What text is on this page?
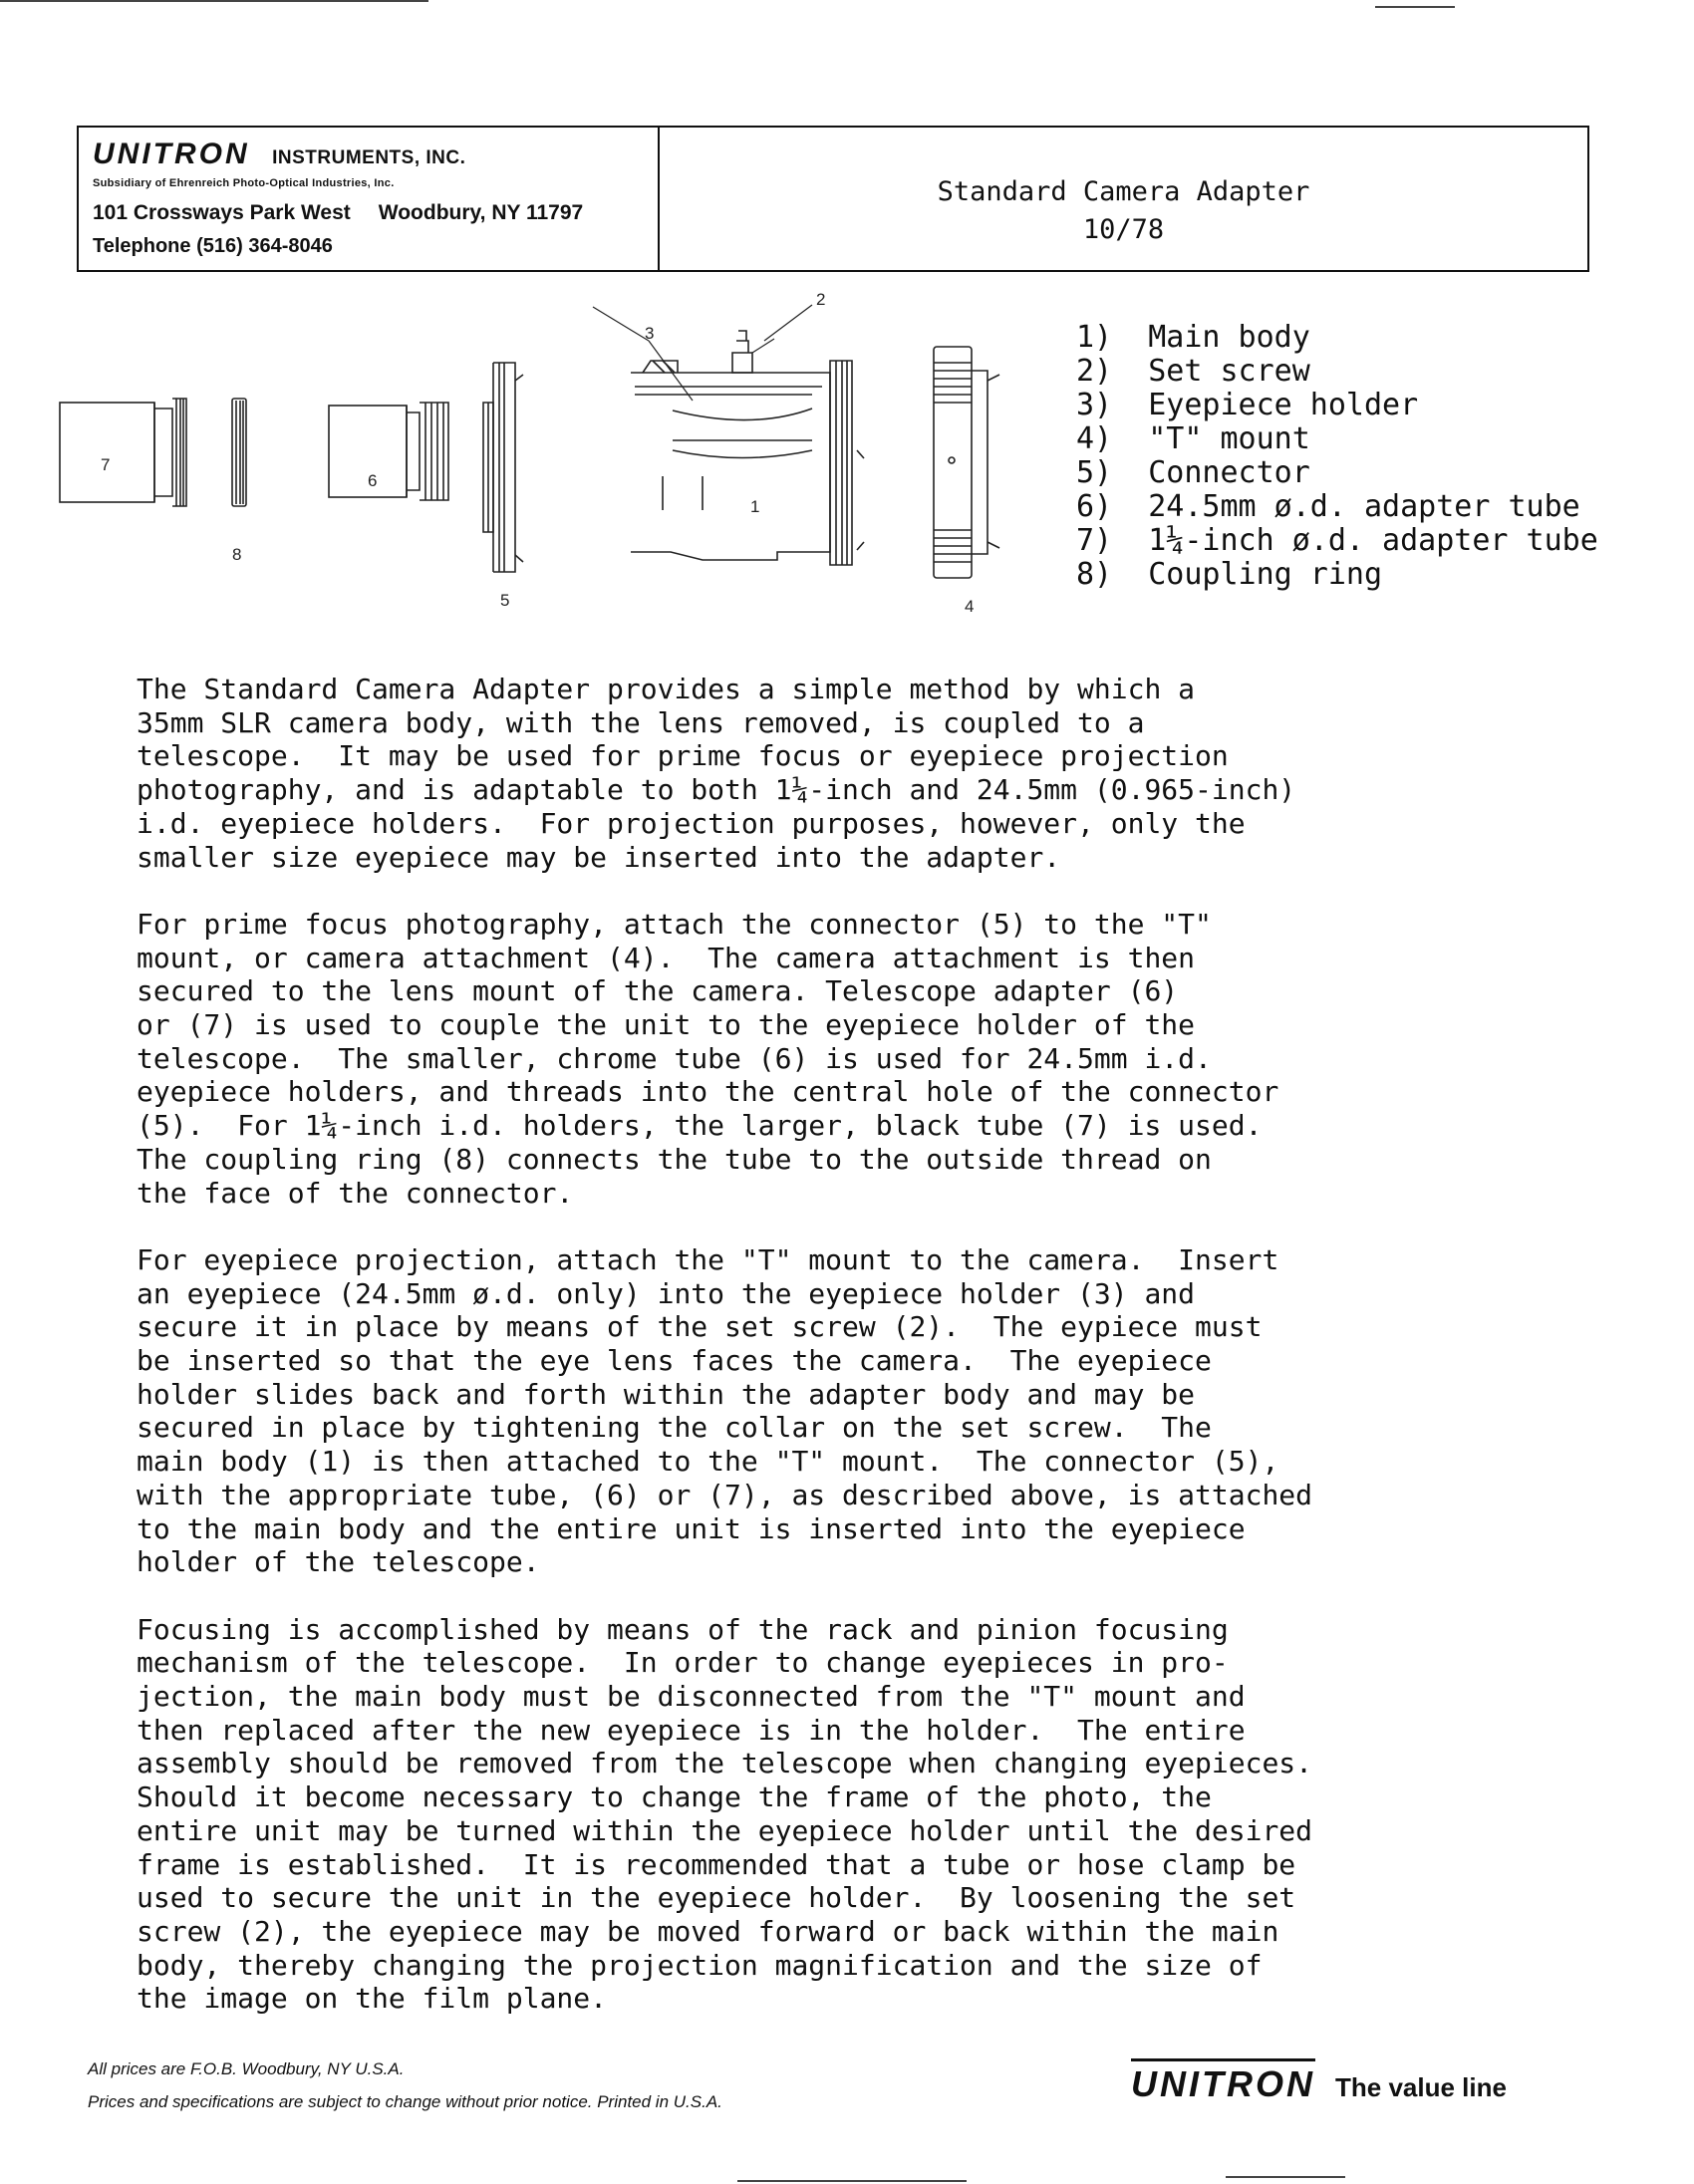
UNITRON INSTRUMENTS, INC.
Subsidiary of Ehrenreich Photo-Optical Industries, Inc.
101 Crossways Park West Woodbury, NY 11797
Telephone (516) 364-8046
Standard Camera Adapter
10/78
7
8
6
5
1
3
2
4
1)  Main body
2)  Set screw
3)  Eyepiece holder
4)  "T" mount
5)  Connector
6)  24.5mm ø.d. adapter tube
7)  1¼-inch ø.d. adapter tube
8)  Coupling ring

The Standard Camera Adapter provides a simple method by which a
35mm SLR camera body, with the lens removed, is coupled to a
telescope.  It may be used for prime focus or eyepiece projection
photography, and is adaptable to both 1¼-inch and 24.5mm (0.965-inch)
i.d. eyepiece holders.  For projection purposes, however, only the
smaller size eyepiece may be inserted into the adapter.

For prime focus photography, attach the connector (5) to the "T"
mount, or camera attachment (4).  The camera attachment is then
secured to the lens mount of the camera. Telescope adapter (6)
or (7) is used to couple the unit to the eyepiece holder of the
telescope.  The smaller, chrome tube (6) is used for 24.5mm i.d.
eyepiece holders, and threads into the central hole of the connector
(5).  For 1¼-inch i.d. holders, the larger, black tube (7) is used.
The coupling ring (8) connects the tube to the outside thread on
the face of the connector.

For eyepiece projection, attach the "T" mount to the camera.  Insert
an eyepiece (24.5mm ø.d. only) into the eyepiece holder (3) and
secure it in place by means of the set screw (2).  The eypiece must
be inserted so that the eye lens faces the camera.  The eyepiece
holder slides back and forth within the adapter body and may be
secured in place by tightening the collar on the set screw.  The
main body (1) is then attached to the "T" mount.  The connector (5),
with the appropriate tube, (6) or (7), as described above, is attached
to the main body and the entire unit is inserted into the eyepiece
holder of the telescope.

Focusing is accomplished by means of the rack and pinion focusing
mechanism of the telescope.  In order to change eyepieces in pro-
jection, the main body must be disconnected from the "T" mount and
then replaced after the new eyepiece is in the holder.  The entire
assembly should be removed from the telescope when changing eyepieces.
Should it become necessary to change the frame of the photo, the
entire unit may be turned within the eyepiece holder until the desired
frame is established.  It is recommended that a tube or hose clamp be
used to secure the unit in the eyepiece holder.  By loosening the set
screw (2), the eyepiece may be moved forward or back within the main
body, thereby changing the projection magnification and the size of
the image on the film plane.

All prices are F.O.B. Woodbury, NY U.S.A.
Prices and specifications are subject to change without prior notice. Printed in U.S.A.	UNITRON The value line
